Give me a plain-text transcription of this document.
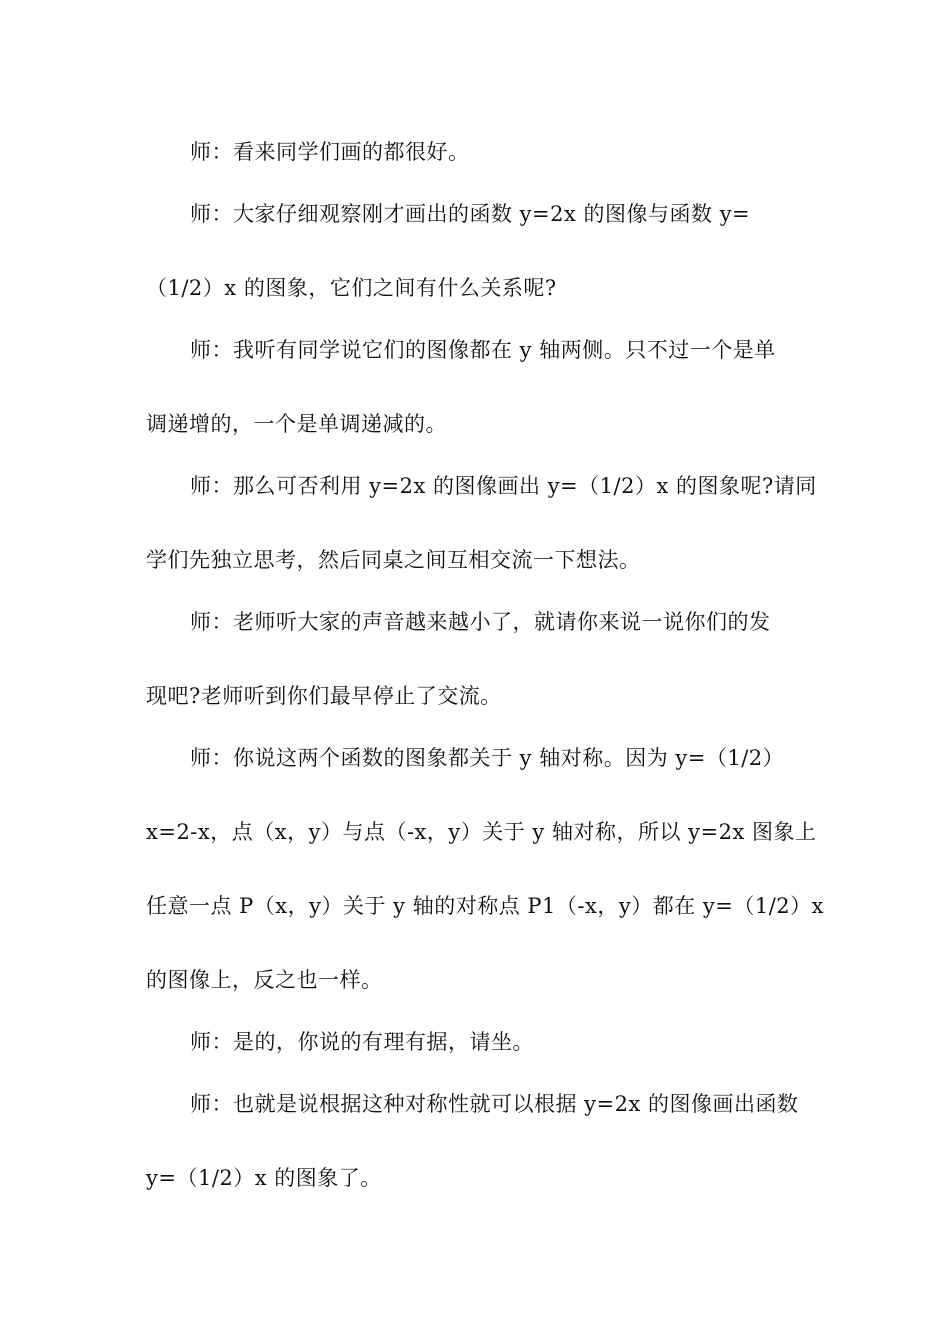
师：看来同学们画的都很好。
师：大家仔细观察刚才画出的函数 y=2x 的图像与函数 y=
（1/2）x 的图象，它们之间有什么关系呢?
师：我听有同学说它们的图像都在 y 轴两侧。只不过一个是单
调递增的，一个是单调递减的。
师：那么可否利用 y=2x 的图像画出 y=（1/2）x 的图象呢?请同
学们先独立思考，然后同桌之间互相交流一下想法。
师：老师听大家的声音越来越小了，就请你来说一说你们的发
现吧?老师听到你们最早停止了交流。
师：你说这两个函数的图象都关于 y 轴对称。因为 y=（1/2）
x=2-x，点（x，y）与点（-x，y）关于 y 轴对称，所以 y=2x 图象上
任意一点 P（x，y）关于 y 轴的对称点 P1（-x，y）都在 y=（1/2）x
的图像上，反之也一样。
师：是的，你说的有理有据，请坐。
师：也就是说根据这种对称性就可以根据 y=2x 的图像画出函数
y=（1/2）x 的图象了。
